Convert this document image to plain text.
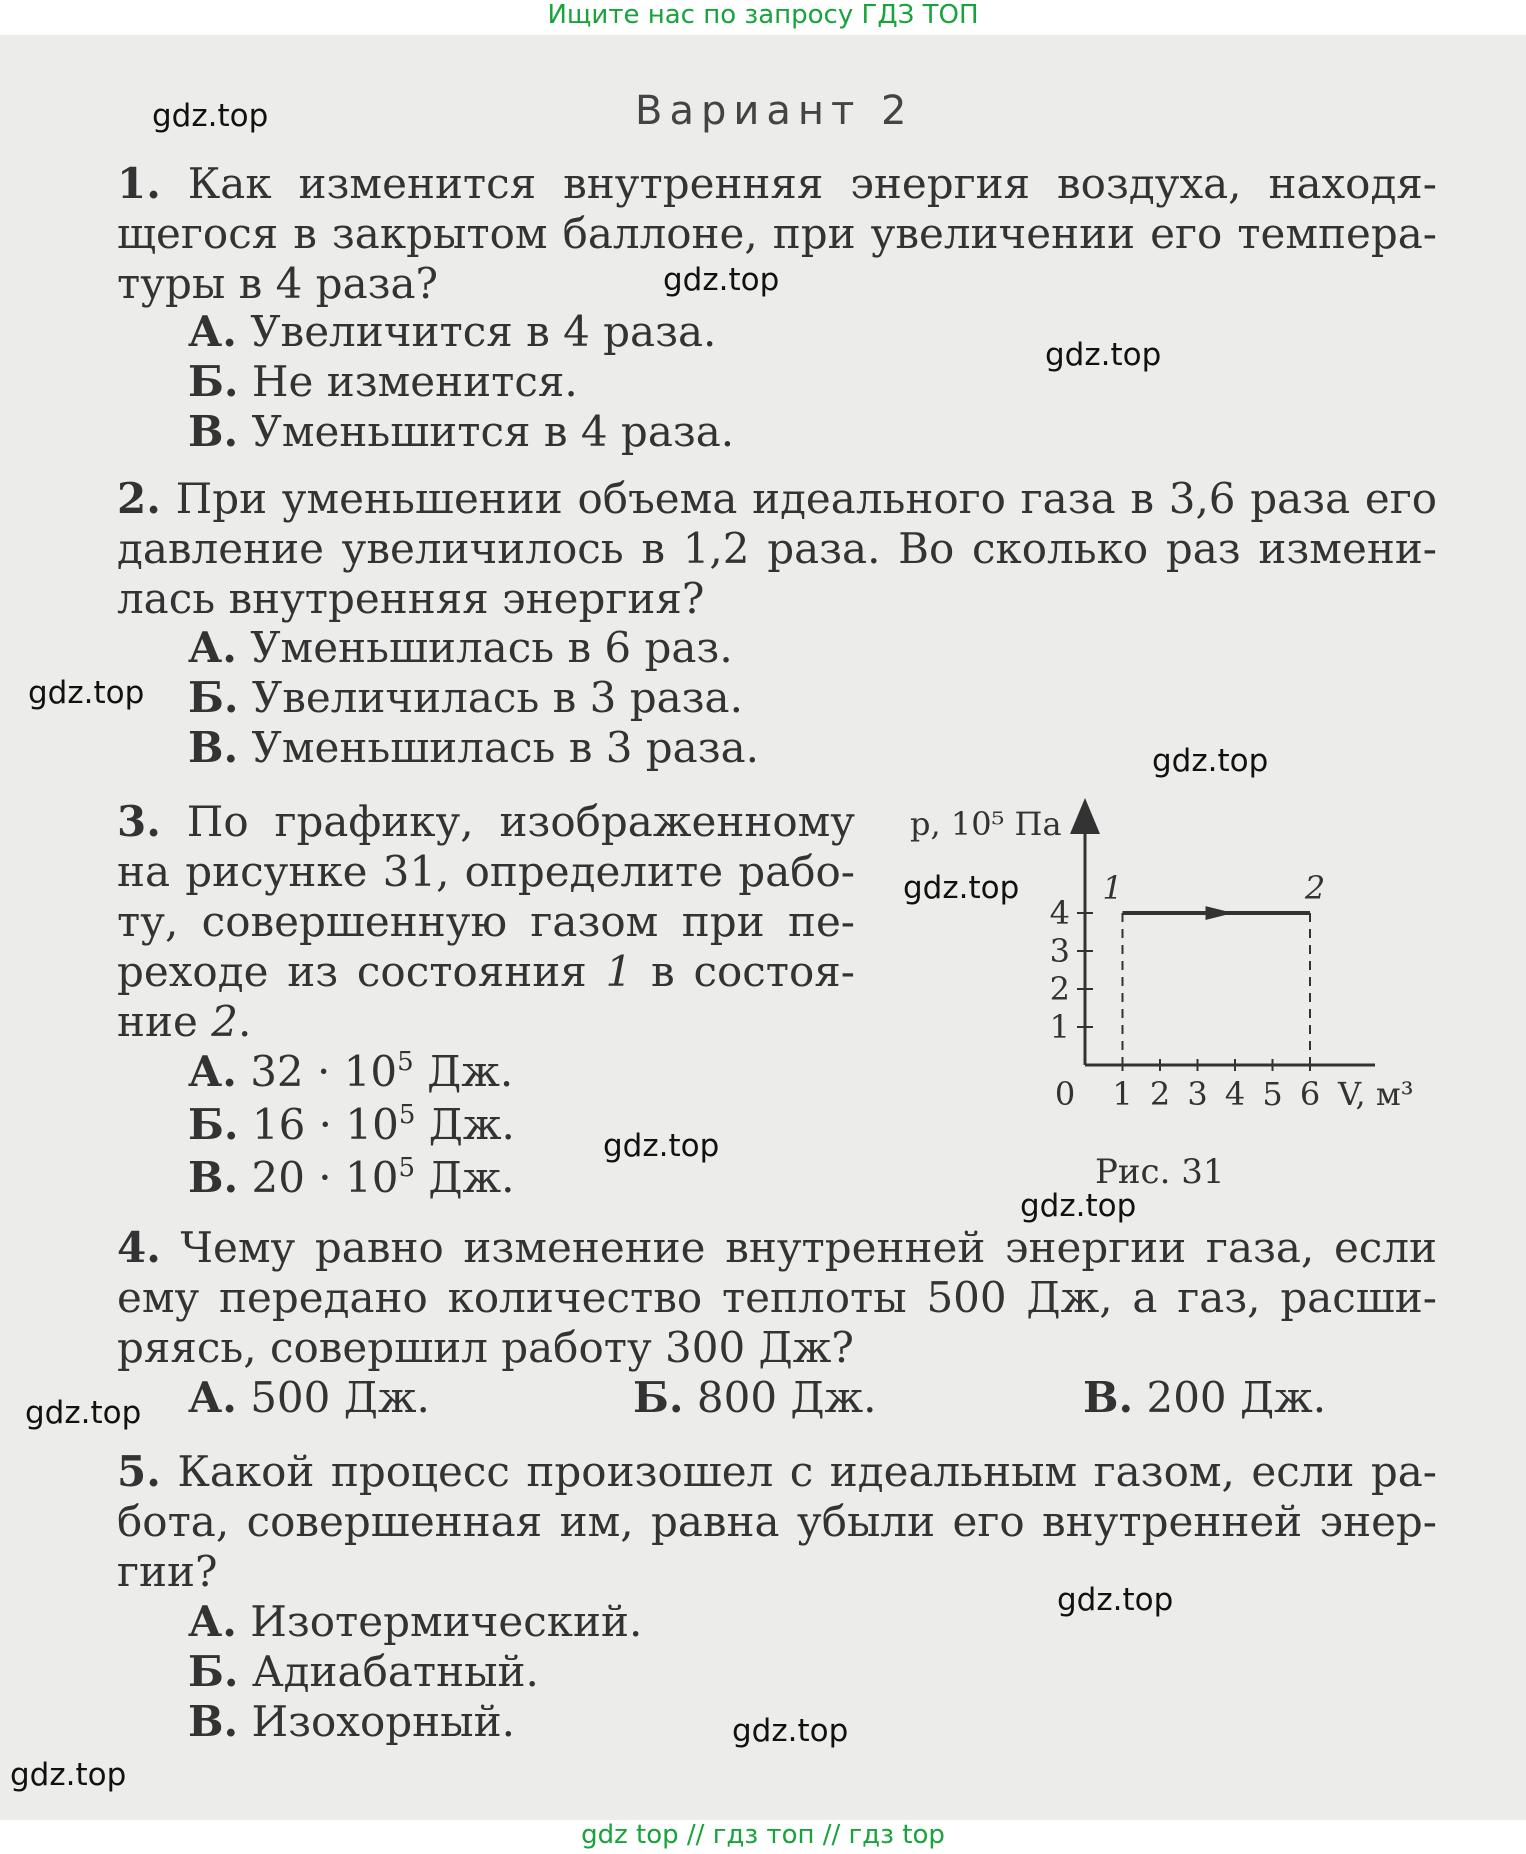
Ищите нас по запросу ГДЗ ТОП
Вариант 2
1. Как изменится внутренняя энергия воздуха, находя-
щегося в закрытом баллоне, при увеличении его темпера-
туры в 4 раза?
А. Увеличится в 4 раза.
Б. Не изменится.
В. Уменьшится в 4 раза.
2. При уменьшении объема идеального газа в 3,6 раза его
давление увеличилось в 1,2 раза. Во сколько раз измени-
лась внутренняя энергия?
А. Уменьшилась в 6 раз.
Б. Увеличилась в 3 раза.
В. Уменьшилась в 3 раза.
3. По графику, изображенному
на рисунке 31, определите рабо-
ту, совершенную газом при пе-
реходе из состояния 1 в состоя-
ние 2.
А. $32 \cdot 10^5$ Дж.
Б. $16 \cdot 10^5$ Дж.
В. $20 \cdot 10^5$ Дж.
p, 10⁵ Па
0 1 2 3 4 5 6
1
2
3
4
V, м³
1	2
Рис. 31
4. Чему равно изменение внутренней энергии газа, если
ему передано количество теплоты 500 Дж, а газ, расши-
ряясь, совершил работу 300 Дж?
А. 500 Дж.	Б. 800 Дж.	В. 200 Дж.
5. Какой процесс произошел с идеальным газом, если ра-
бота, совершенная им, равна убыли его внутренней энер-
гии?
А. Изотермический.
Б. Адиабатный.
В. Изохорный.
gdz.top
gdz.top
gdz.top
gdz.top
gdz.top
gdz.top
gdz.top
gdz.top
gdz.top
gdz.top
gdz.top
gdz.top
gdz top // гдз топ // гдз top
